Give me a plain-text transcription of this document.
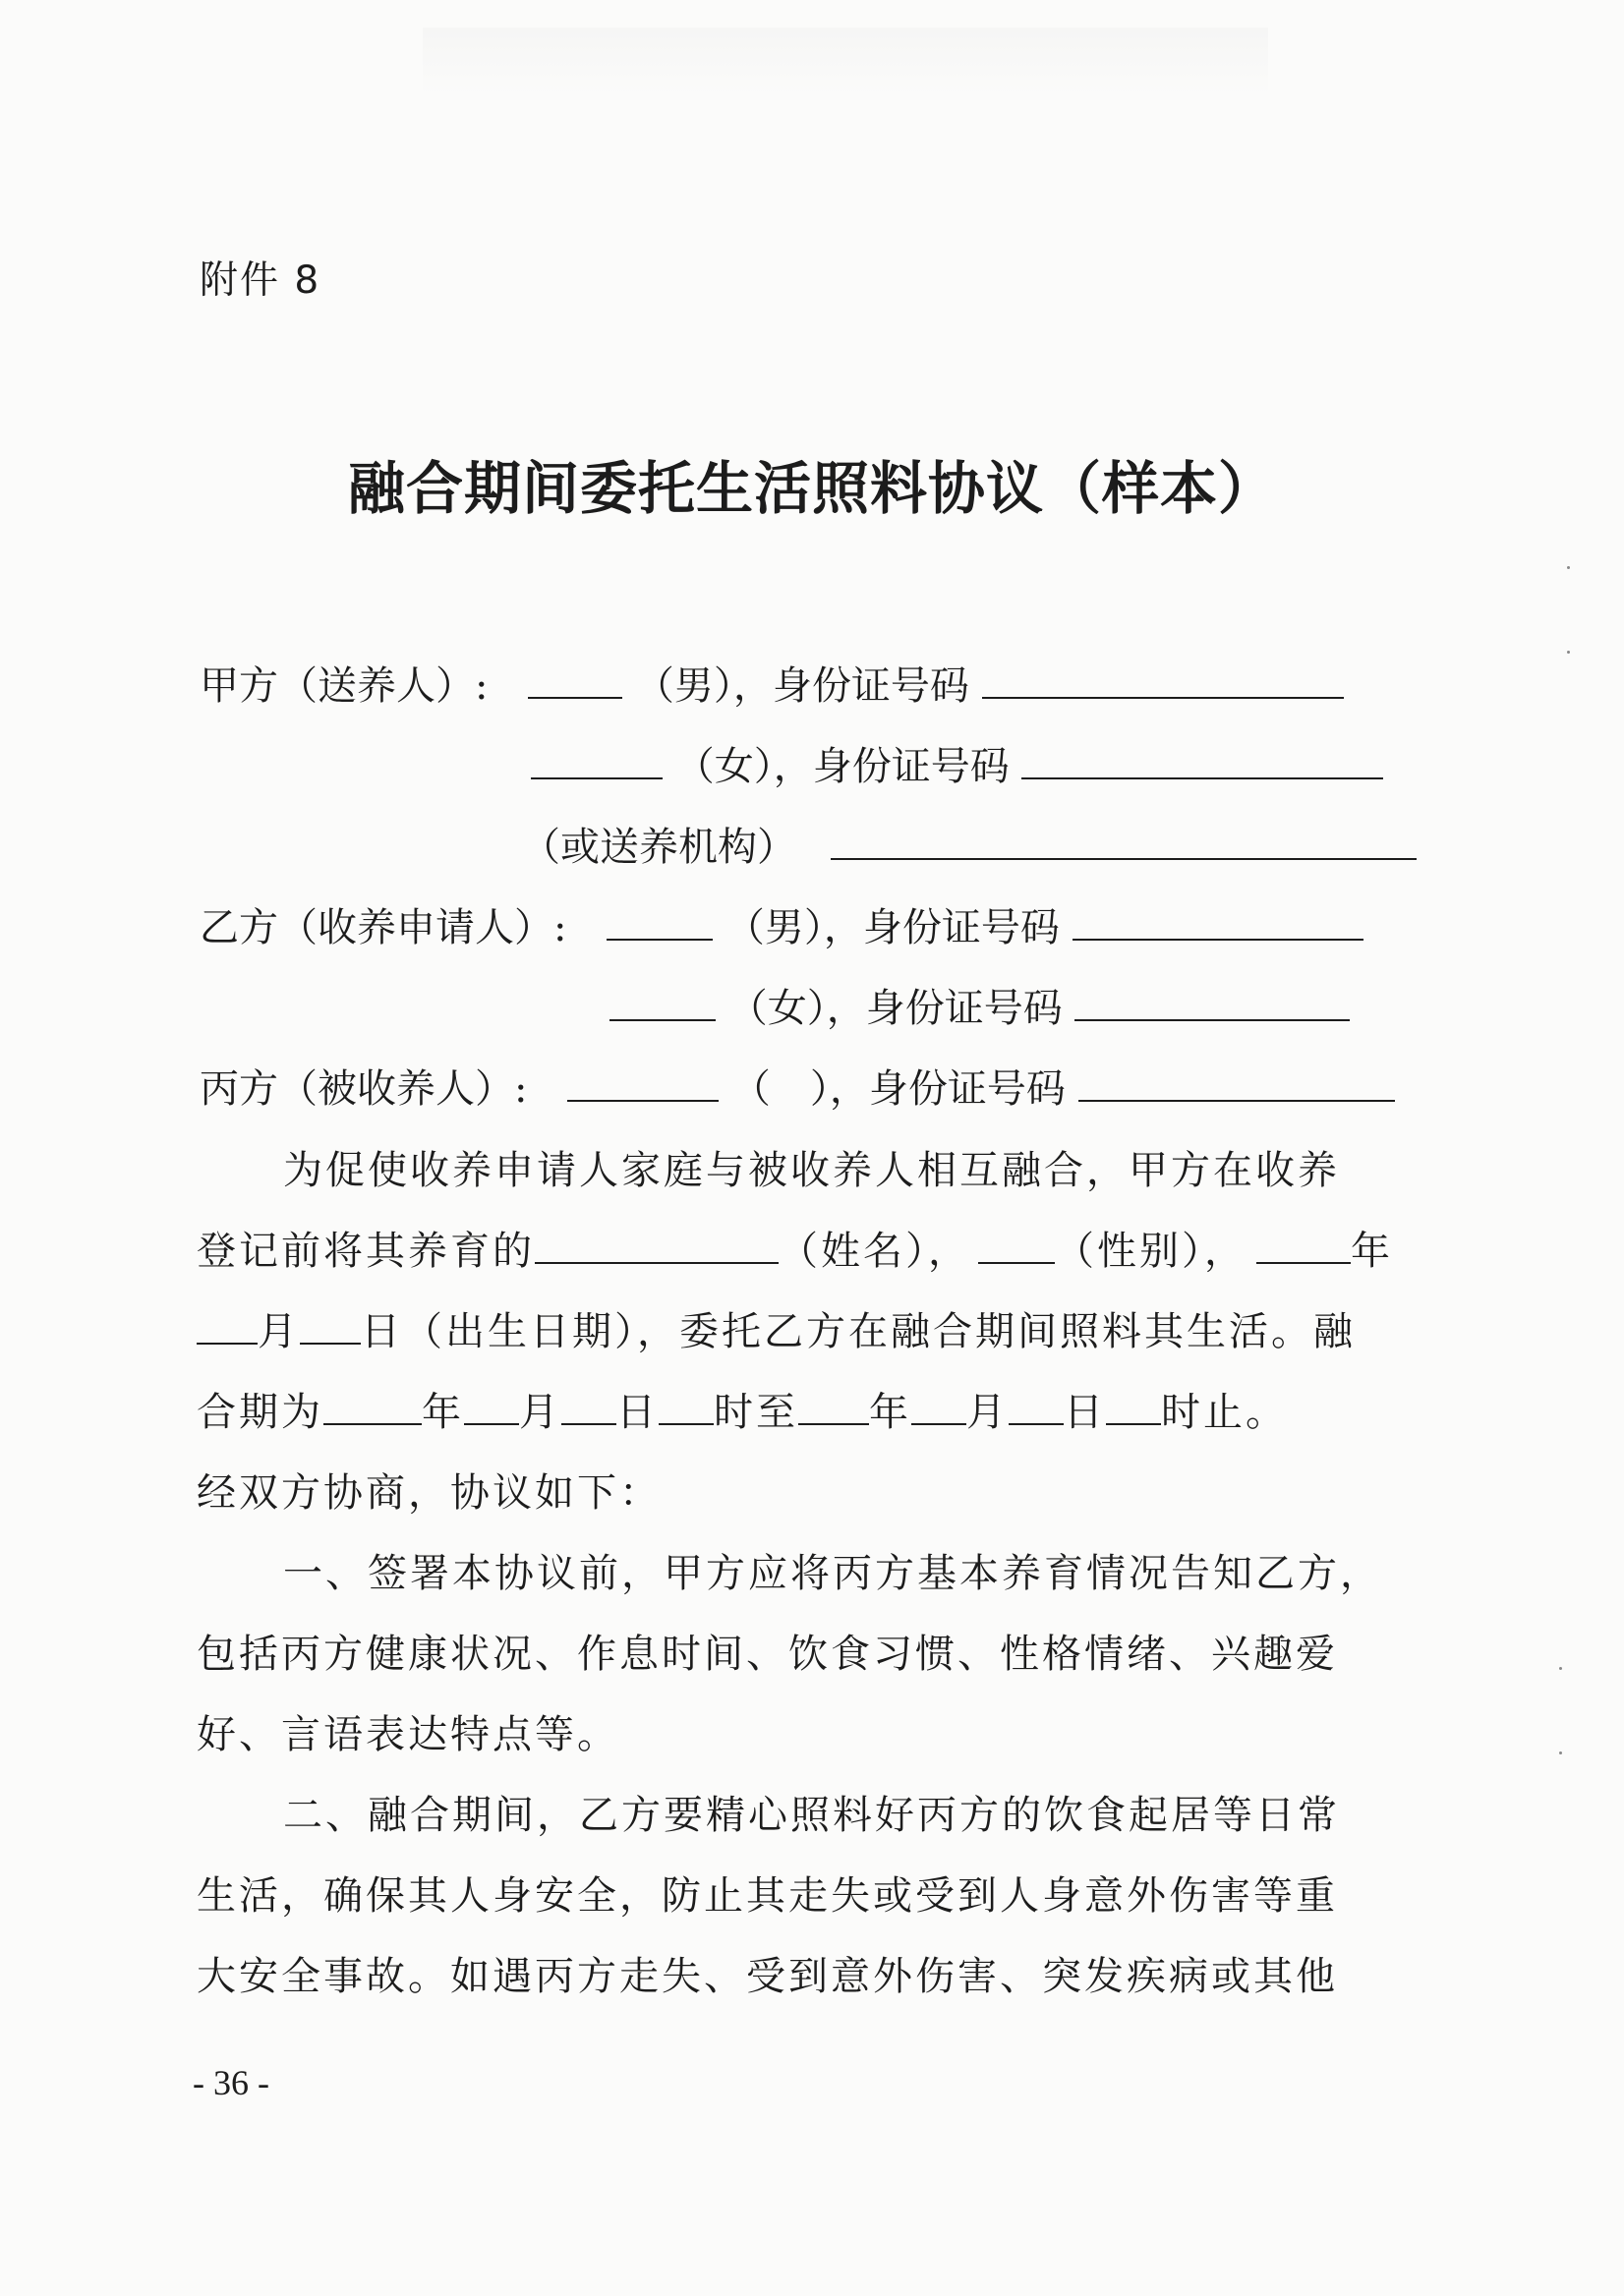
附件 8
融合期间委托生活照料协议（样本）
甲方（送养人）:	（男），身份证号码
（女），身份证号码
（或送养机构）
乙方（收养申请人）:	（男），身份证号码
（女），身份证号码
丙方（被收养人）:	（　），身份证号码
为促使收养申请人家庭与被收养人相互融合，甲方在收养
登记前将其养育的	（姓名）， （性别），	年
月 日（出生日期），委托乙方在融合期间照料其生活。融
合期为	年 月 日 时至 年 月 日 时止。
经双方协商，协议如下：
一、签署本协议前，甲方应将丙方基本养育情况告知乙方，
包括丙方健康状况、作息时间、饮食习惯、性格情绪、兴趣爱
好、言语表达特点等。
二、融合期间，乙方要精心照料好丙方的饮食起居等日常
生活，确保其人身安全，防止其走失或受到人身意外伤害等重
大安全事故。如遇丙方走失、受到意外伤害、突发疾病或其他
- 36 -
